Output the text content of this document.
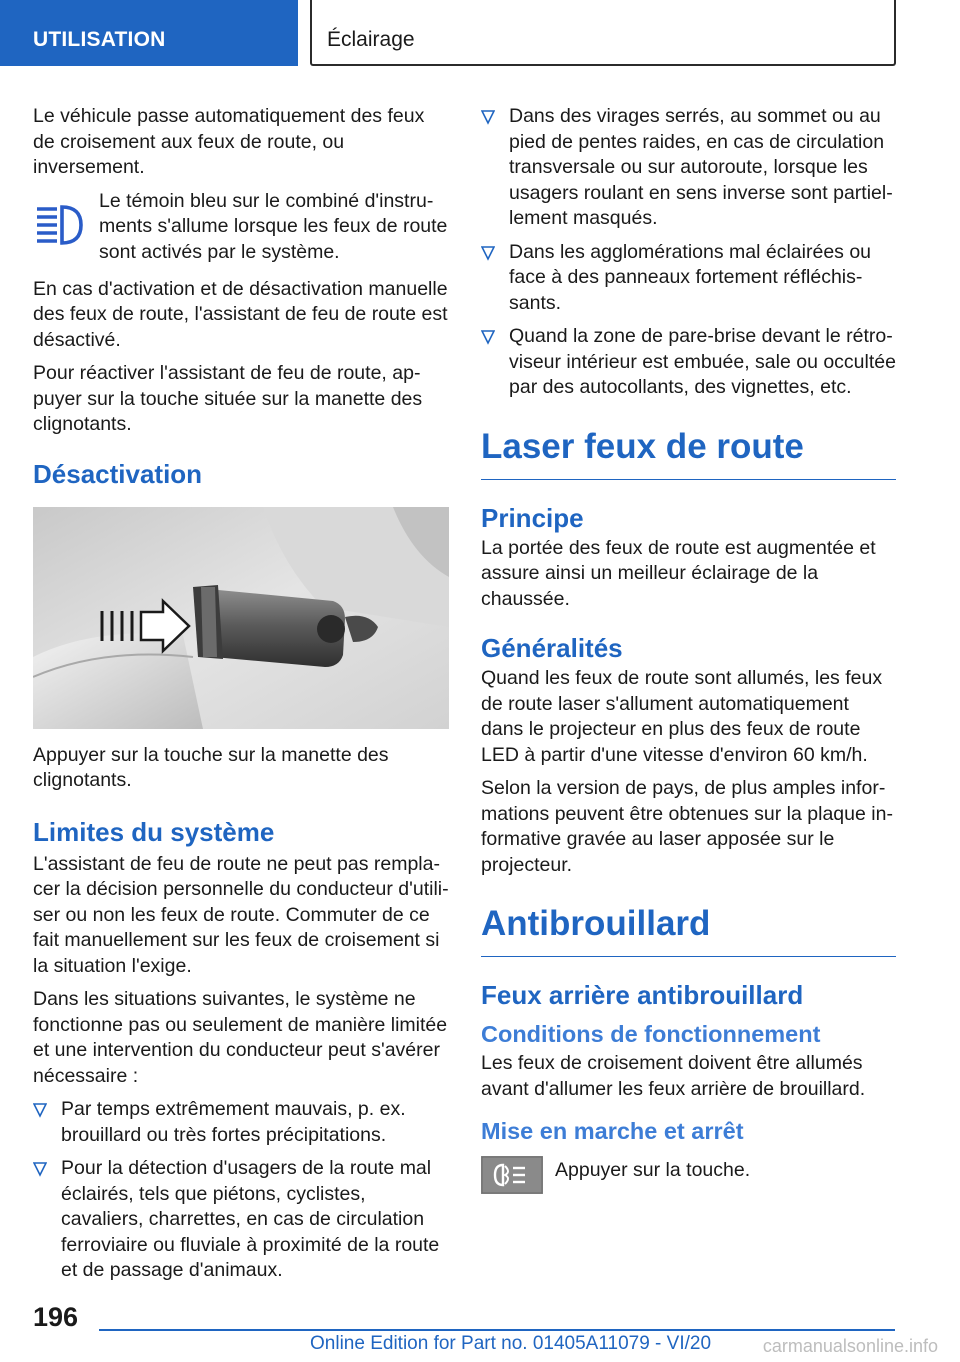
UTILISATION	Éclairage

Le véhicule passe automatiquement des feux de croisement aux feux de route, ou inversement.

Le témoin bleu sur le combiné d'instruments s'allume lorsque les feux de route sont activés par le système.

En cas d'activation et de désactivation manuelle des feux de route, l'assistant de feu de route est désactivé.

Pour réactiver l'assistant de feu de route, appuyer sur la touche située sur la manette des clignotants.

Désactivation

Appuyer sur la touche sur la manette des clignotants.

Limites du système

L'assistant de feu de route ne peut pas remplacer la décision personnelle du conducteur d'utiliser ou non les feux de route. Commuter de ce fait manuellement sur les feux de croisement si la situation l'exige.

Dans les situations suivantes, le système ne fonctionne pas ou seulement de manière limitée et une intervention du conducteur peut s'avérer nécessaire :

Par temps extrêmement mauvais, p. ex. brouillard ou très fortes précipitations.
Pour la détection d'usagers de la route mal éclairés, tels que piétons, cyclistes, cavaliers, charrettes, en cas de circulation ferroviaire ou fluviale à proximité de la route et de passage d'animaux.
Dans des virages serrés, au sommet ou au pied de pentes raides, en cas de circulation transversale ou sur autoroute, lorsque les usagers roulant en sens inverse sont partiellement masqués.
Dans les agglomérations mal éclairées ou face à des panneaux fortement réfléchissants.
Quand la zone de pare-brise devant le rétroviseur intérieur est embuée, sale ou occultée par des autocollants, des vignettes, etc.
Laser feux de route
Principe

La portée des feux de route est augmentée et assure ainsi un meilleur éclairage de la chaussée.

Généralités

Quand les feux de route sont allumés, les feux de route laser s'allument automatiquement dans le projecteur en plus des feux de route LED à partir d'une vitesse d'environ 60 km/h.

Selon la version de pays, de plus amples informations peuvent être obtenues sur la plaque informative gravée au laser apposée sur le projecteur.

Antibrouillard
Feux arrière antibrouillard
Conditions de fonctionnement

Les feux de croisement doivent être allumés avant d'allumer les feux arrière de brouillard.

Mise en marche et arrêt

Appuyer sur la touche.

196
Online Edition for Part no. 01405A11079 - VI/20	carmanualsonline.info
